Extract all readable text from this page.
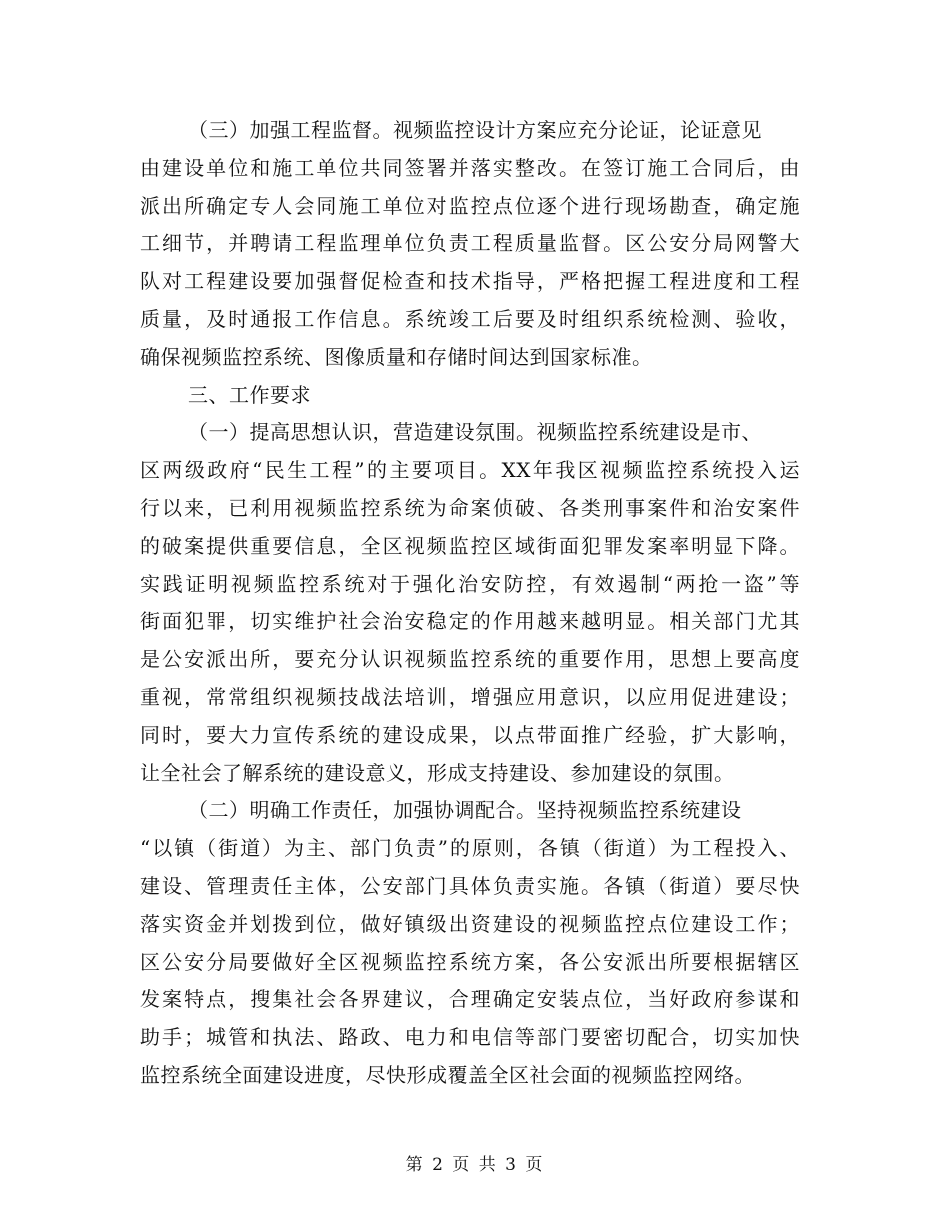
（三）加强工程监督。视频监控设计方案应充分论证，论证意见
由建设单位和施工单位共同签署并落实整改。在签订施工合同后，由
派出所确定专人会同施工单位对监控点位逐个进行现场勘查，确定施
工细节，并聘请工程监理单位负责工程质量监督。区公安分局网警大
队对工程建设要加强督促检查和技术指导，严格把握工程进度和工程
质量，及时通报工作信息。系统竣工后要及时组织系统检测、验收，
确保视频监控系统、图像质量和存储时间达到国家标准。
三、工作要求
（一）提高思想认识，营造建设氛围。视频监控系统建设是市、
区两级政府“民生工程”的主要项目。XX年我区视频监控系统投入运
行以来，已利用视频监控系统为命案侦破、各类刑事案件和治安案件
的破案提供重要信息，全区视频监控区域街面犯罪发案率明显下降。
实践证明视频监控系统对于强化治安防控，有效遏制“两抢一盗”等
街面犯罪，切实维护社会治安稳定的作用越来越明显。相关部门尤其
是公安派出所，要充分认识视频监控系统的重要作用，思想上要高度
重视，常常组织视频技战法培训，增强应用意识，以应用促进建设；
同时，要大力宣传系统的建设成果，以点带面推广经验，扩大影响，
让全社会了解系统的建设意义，形成支持建设、参加建设的氛围。
（二）明确工作责任，加强协调配合。坚持视频监控系统建设
“以镇（街道）为主、部门负责”的原则，各镇（街道）为工程投入、
建设、管理责任主体，公安部门具体负责实施。各镇（街道）要尽快
落实资金并划拨到位，做好镇级出资建设的视频监控点位建设工作；
区公安分局要做好全区视频监控系统方案，各公安派出所要根据辖区
发案特点，搜集社会各界建议，合理确定安装点位，当好政府参谋和
助手；城管和执法、路政、电力和电信等部门要密切配合，切实加快
监控系统全面建设进度，尽快形成覆盖全区社会面的视频监控网络。
第 2 页 共 3 页
